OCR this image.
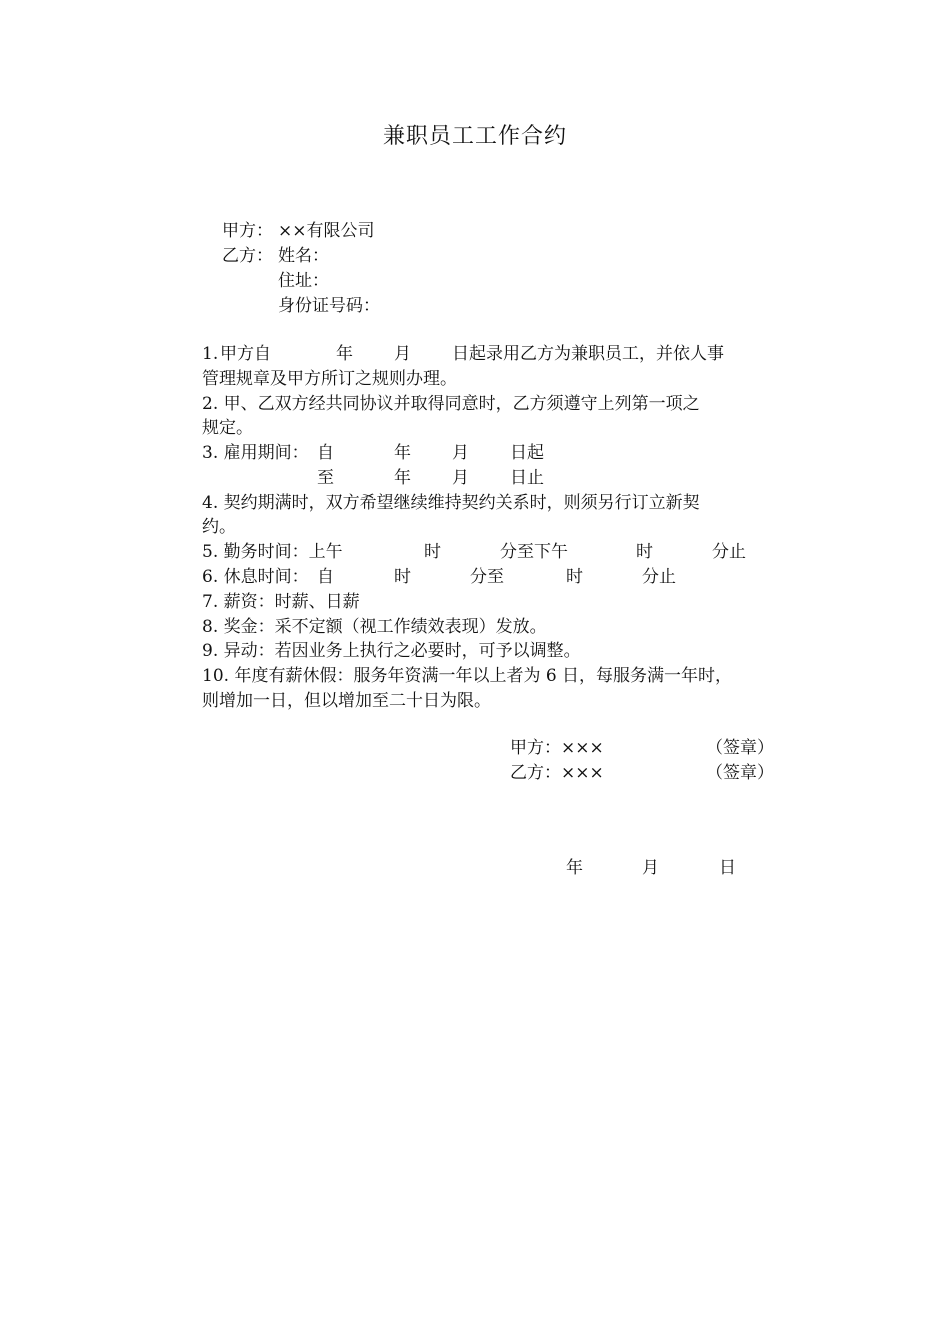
兼职员工工作合约
甲方： ××有限公司
乙方： 姓名：
住址：
身份证号码：
1. 甲方自	年 月 日起录用乙方为兼职员工，并依人事
管理规章及甲方所订之规则办理。
2. 甲、乙双方经共同协议并取得同意时，乙方须遵守上列第一项之
规定。
3. 雇用期间： 自	年 月 日起
至	年 月 日止
4. 契约期满时，双方希望继续维持契约关系时，则须另行订立新契
约。
5. 勤务时间：上午	时	分至下午	时	分止
6. 休息时间： 自	时	分至	时	分止
7. 薪资：时薪、日薪
8. 奖金：采不定额（视工作绩效表现）发放。
9. 异动：若因业务上执行之必要时，可予以调整。
10. 年度有薪休假：服务年资满一年以上者为 6 日，每服务满一年时，
则增加一日，但以增加至二十日为限。
甲方：×××	（签章）
乙方：×××	（签章）
年	月	日
